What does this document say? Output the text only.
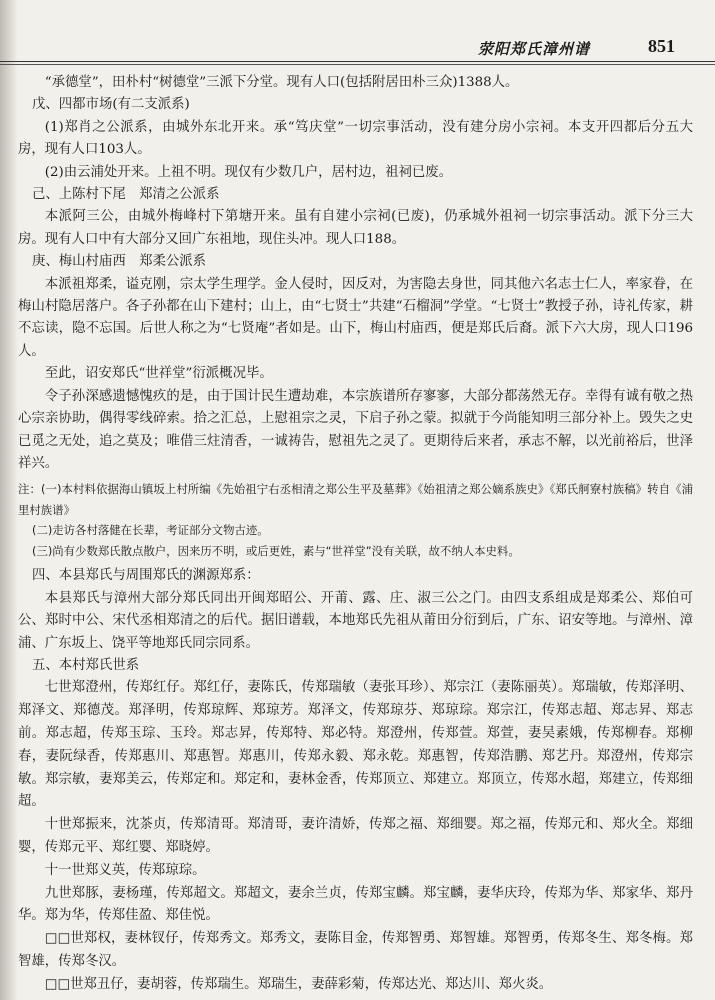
荥阳郑氏漳州谱	851

“承德堂”，田朴村“树德堂”三派下分堂。现有人口(包括附居田朴三众)1388人。

戊、四都市场(有二支派系)

(1)郑肖之公派系，由城外东北开来。承“笃庆堂”一切宗事活动，没有建分房小宗祠。本支开四都后分五大房，现有人口103人。

(2)由云浦处开来。上祖不明。现仅有少数几户，居村边，祖祠已废。

己、上陈村下尾　郑清之公派系

本派阿三公，由城外梅峰村下第塘开来。虽有自建小宗祠(已废)，仍承城外祖祠一切宗事活动。派下分三大房。现有人口中有大部分又回广东祖地，现住头冲。现人口188。

庚、梅山村庙西　郑柔公派系

本派祖郑柔，谥克刚，宗太学生理学。金人侵时，因反对，为害隐去身世，同其他六名志士仁人，率家眷，在梅山村隐居落户。各子孙都在山下建村；山上，由“七贤士”共建“石榴洞”学堂。“七贤士”教授子孙，诗礼传家，耕不忘读，隐不忘国。后世人称之为“七贤庵”者如是。山下，梅山村庙西，便是郑氏后裔。派下六大房，现人口196人。

至此，诏安郑氏“世祥堂”衍派概况毕。

令子孙深感遗憾愧疚的是，由于国计民生遭劫难，本宗族谱所存寥寥，大部分都荡然无存。幸得有诚有敬之热心宗亲协助，偶得零线碎索。拾之汇总，上慰祖宗之灵，下启子孙之蒙。拟就于今尚能知明三部分补上。毁失之史已觅之无处，追之莫及；唯借三炷清香，一诚祷告，慰祖先之灵了。更期待后来者，承志不解，以光前裕后，世泽祥兴。

注：(一)本村料依据海山镇坂上村所编《先始祖宁右丞相清之郑公生平及墓葬》《始祖清之郑公嫡系族史》《郑氏舸寮村族稿》转自《浦里村族谱》

(二)走访各村落健在长辈，考证部分文物古迹。

(三)尚有少数郑氏散点散户，因来历不明，或后更姓，素与“世祥堂”没有关联，故不纳人本史料。

四、本县郑氏与周围郑氏的渊源郑系：

本县郑氏与漳州大部分郑氏同出开闽郑昭公、开莆、露、庄、淑三公之门。由四支系组成是郑柔公、郑伯可公、郑时中公、宋代丞相郑清之的后代。据旧谱载，本地郑氏先祖从莆田分衍到后，广东、诏安等地。与漳州、漳浦、广东坂上、饶平等地郑氏同宗同系。

五、本村郑氏世系

七世郑澄州，传郑红仔。郑红仔，妻陈氏，传郑瑞敏（妻张耳珍）、郑宗江（妻陈丽英）。郑瑞敏，传郑泽明、郑泽文、郑德茂。郑泽明，传郑琼辉、郑琼芳。郑泽文，传郑琼芬、郑琼琮。郑宗江，传郑志超、郑志昇、郑志前。郑志超，传郑玉琮、玉玲。郑志昇，传郑特、郑必特。郑澄州，传郑萱。郑萱，妻吴素娥，传郑柳春。郑柳春，妻阮绿香，传郑惠川、郑惠智。郑惠川，传郑永毅、郑永乾。郑惠智，传郑浩鹏、郑艺丹。郑澄州，传郑宗敏。郑宗敏，妻郑美云，传郑定和。郑定和，妻林金香，传郑顶立、郑建立。郑顶立，传郑水超，郑建立，传郑细超。

十世郑振来，沈茶贞，传郑清哥。郑清哥，妻许清娇，传郑之福、郑细婴。郑之福，传郑元和、郑火全。郑细婴，传郑元平、郑红婴、郑晓婷。

十一世郑义英，传郑琼琮。

九世郑豚，妻杨瑾，传郑超文。郑超文，妻余兰贞，传郑宝麟。郑宝麟，妻华庆玲，传郑为华、郑家华、郑丹华。郑为华，传郑佳盈、郑佳悦。

□□世郑权，妻林钗仔，传郑秀文。郑秀文，妻陈目金，传郑智勇、郑智雄。郑智勇，传郑冬生、郑冬梅。郑智雄，传郑冬汉。

□□世郑丑仔，妻胡蓉，传郑瑞生。郑瑞生，妻薛彩菊，传郑达光、郑达川、郑火炎。
